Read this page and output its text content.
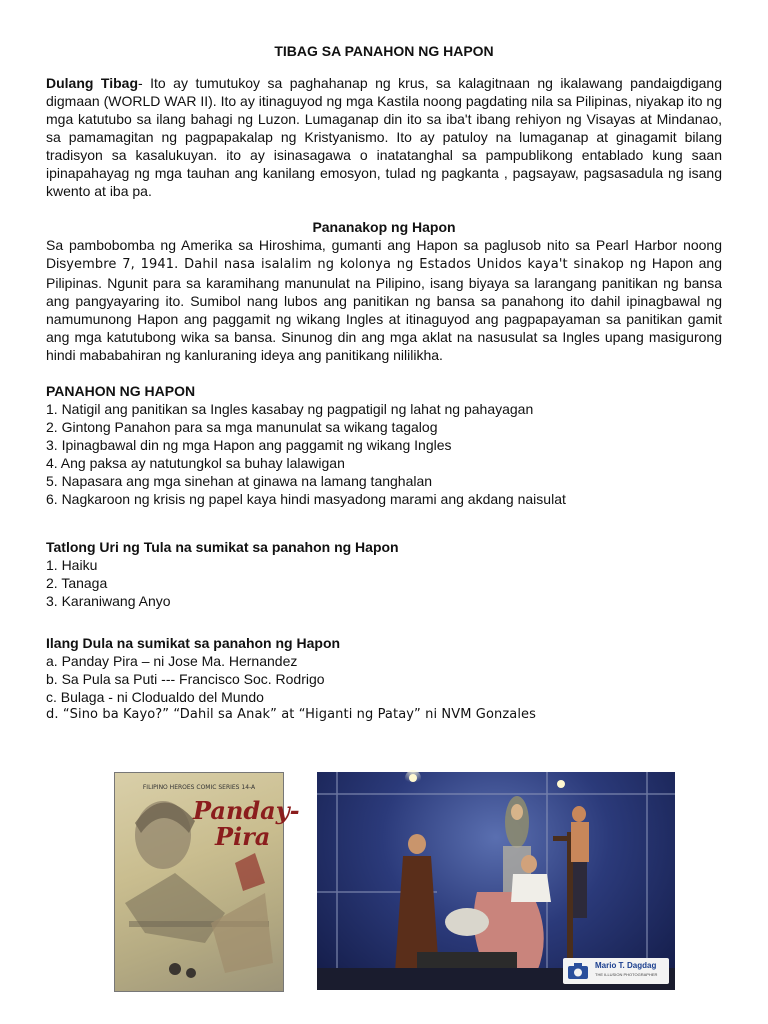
TIBAG SA PANAHON NG HAPON

Dulang Tibag- Ito ay tumutukoy sa paghahanap ng krus, sa kalagitnaan ng ikalawang pandaigdigang digmaan (WORLD WAR II). Ito ay itinaguyod ng mga Kastila noong pagdating nila sa Pilipinas, niyakap ito ng mga katutubo sa ilang bahagi ng Luzon. Lumaganap din ito sa iba't ibang rehiyon ng Visayas at Mindanao, sa pamamagitan ng pagpapakalap ng Kristyanismo. Ito ay patuloy na lumaganap at ginagamit bilang tradisyon sa kasalukuyan. ito ay isinasagawa o inatatanghal sa pampublikong entablado kung saan ipinapahayag ng mga tauhan ang kanilang emosyon, tulad ng pagkanta , pagsayaw, pagsasadula ng isang kwento at iba pa.

Pananakop ng Hapon

Sa pambobomba ng Amerika sa Hiroshima, gumanti ang Hapon sa paglusob nito sa Pearl Harbor noong Disyembre 7, 1941. Dahil nasa isalalim ng kolonya ng Estados Unidos kaya't sinakop ng Hapon ang Pilipinas. Ngunit para sa karamihang manunulat na Pilipino, isang biyaya sa larangang panitikan ng bansa ang pangyayaring ito. Sumibol nang lubos ang panitikan ng bansa sa panahong ito dahil ipinagbawal ng namumunong Hapon ang paggamit ng wikang Ingles at itinaguyod ang pagpapayaman sa panitikan gamit ang mga katutubong wika sa bansa. Sinunog din ang mga aklat na nasusulat sa Ingles upang masigurong hindi mababahiran ng kanluraning ideya ang panitikang nililikha.

PANAHON NG HAPON
1. Natigil ang panitikan sa Ingles kasabay ng pagpatigil ng lahat ng pahayagan
2. Gintong Panahon para sa mga manunulat sa wikang tagalog
3. Ipinagbawal din ng mga Hapon ang paggamit ng wikang Ingles
4. Ang paksa ay natutungkol sa buhay lalawigan
5. Napasara ang mga sinehan at ginawa na lamang tanghalan
6. Nagkaroon ng krisis ng papel kaya hindi masyadong marami ang akdang naisulat
Tatlong Uri ng Tula na sumikat sa panahon ng Hapon
1. Haiku
2. Tanaga
3. Karaniwang Anyo
Ilang Dula na sumikat sa panahon ng Hapon
a. Panday Pira – ni Jose Ma. Hernandez
b. Sa Pula sa Puti --- Francisco Soc. Rodrigo
c. Bulaga - ni Clodualdo del Mundo
d. “Sino ba Kayo?” “Dahil sa Anak” at “Higanti ng Patay” ni NVM Gonzales
FILIPINO HEROES COMIC SERIES 14-A
Panday-
Pira
Mario T. Dagdag
THE ILLUSION PHOTOGRAPHER
